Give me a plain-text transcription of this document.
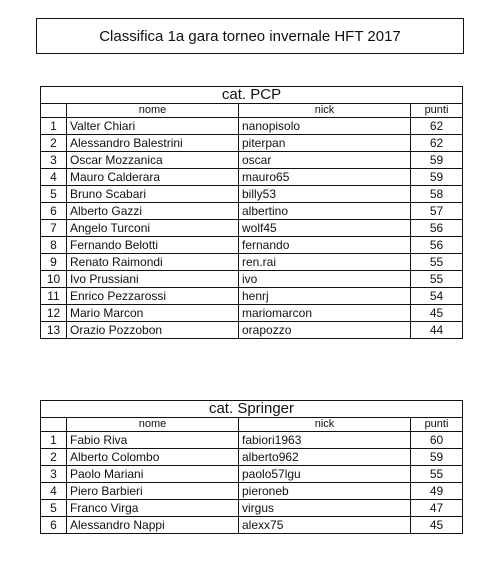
Classifica 1a gara torneo invernale HFT 2017
cat. PCP			
	nome	nick	punti
1	Valter Chiari	nanopisolo	62
2	Alessandro Balestrini	piterpan	62
3	Oscar Mozzanica	oscar	59
4	Mauro Calderara	mauro65	59
5	Bruno Scabari	billy53	58
6	Alberto Gazzi	albertino	57
7	Angelo Turconi	wolf45	56
8	Fernando Belotti	fernando	56
9	Renato Raimondi	ren.rai	55
10	Ivo Prussiani	ivo	55
11	Enrico Pezzarossi	henrj	54
12	Mario Marcon	mariomarcon	45
13	Orazio Pozzobon	orapozzo	44
cat. Springer			
	nome	nick	punti
1	Fabio Riva	fabiori1963	60
2	Alberto Colombo	alberto962	59
3	Paolo Mariani	paolo57lgu	55
4	Piero Barbieri	pieroneb	49
5	Franco Virga	virgus	47
6	Alessandro Nappi	alexx75	45
